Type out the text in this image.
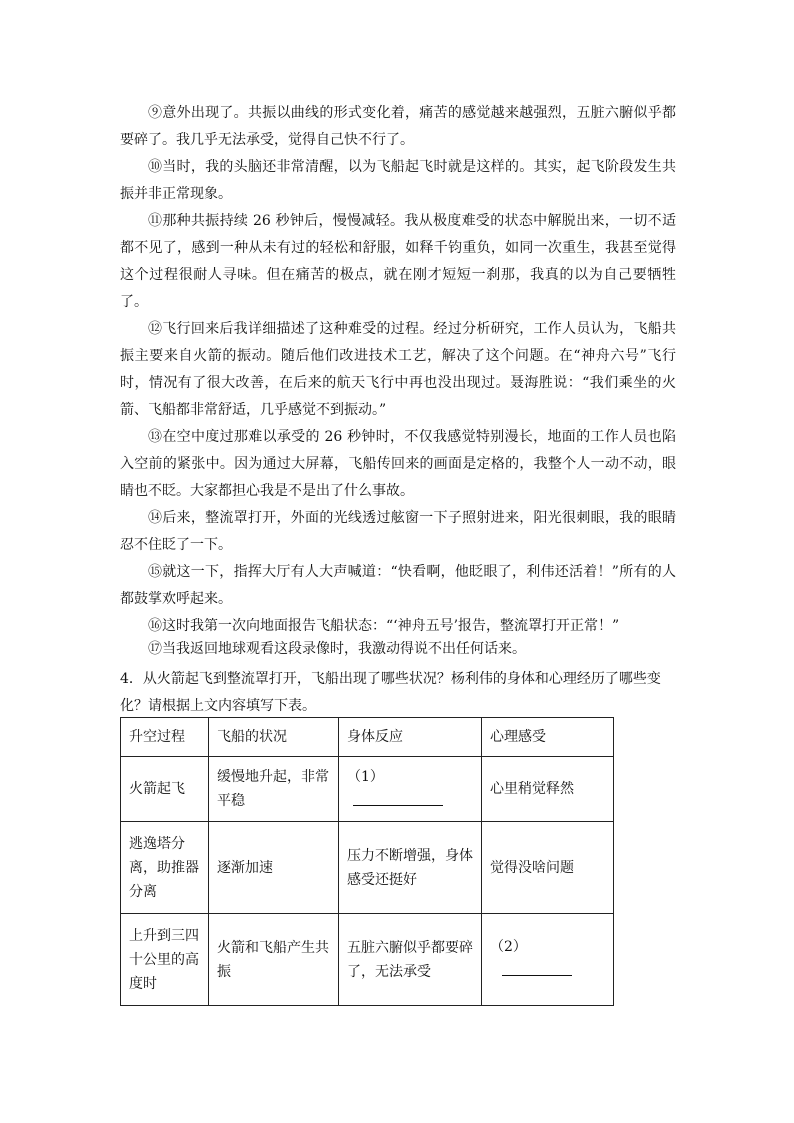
⑨意外出现了。共振以曲线的形式变化着，痛苦的感觉越来越强烈，五脏六腑似乎都要碎了。我几乎无法承受，觉得自己快不行了。

⑩当时，我的头脑还非常清醒，以为飞船起飞时就是这样的。其实，起飞阶段发生共振并非正常现象。

⑪那种共振持续 26 秒钟后，慢慢减轻。我从极度难受的状态中解脱出来，一切不适都不见了，感到一种从未有过的轻松和舒服，如释千钧重负，如同一次重生，我甚至觉得这个过程很耐人寻味。但在痛苦的极点，就在刚才短短一刹那，我真的以为自己要牺牲了。

⑫飞行回来后我详细描述了这种难受的过程。经过分析研究，工作人员认为，飞船共振主要来自火箭的振动。随后他们改进技术工艺，解决了这个问题。在“神舟六号”飞行时，情况有了很大改善，在后来的航天飞行中再也没出现过。聂海胜说：“我们乘坐的火箭、飞船都非常舒适，几乎感觉不到振动。”

⑬在空中度过那难以承受的 26 秒钟时，不仅我感觉特别漫长，地面的工作人员也陷入空前的紧张中。因为通过大屏幕，飞船传回来的画面是定格的，我整个人一动不动，眼睛也不眨。大家都担心我是不是出了什么事故。

⑭后来，整流罩打开，外面的光线透过舷窗一下子照射进来，阳光很刺眼，我的眼睛忍不住眨了一下。

⑮就这一下，指挥大厅有人大声喊道：“快看啊，他眨眼了，利伟还活着！”所有的人都鼓掌欢呼起来。

⑯这时我第一次向地面报告飞船状态：“‘神舟五号’报告，整流罩打开正常！”

⑰当我返回地球观看这段录像时，我激动得说不出任何话来。

4．从火箭起飞到整流罩打开，飞船出现了哪些状况？杨利伟的身体和心理经历了哪些变化？请根据上文内容填写下表。

升空过程	飞船的状况	身体反应	心理感受
火箭起飞	缓慢地升起，非常平稳	（1）	心里稍觉释然
逃逸塔分离，助推器分离	逐渐加速	压力不断增强，身体感受还挺好	觉得没啥问题
上升到三四十公里的高度时	火箭和飞船产生共振	五脏六腑似乎都要碎了，无法承受	（2）
